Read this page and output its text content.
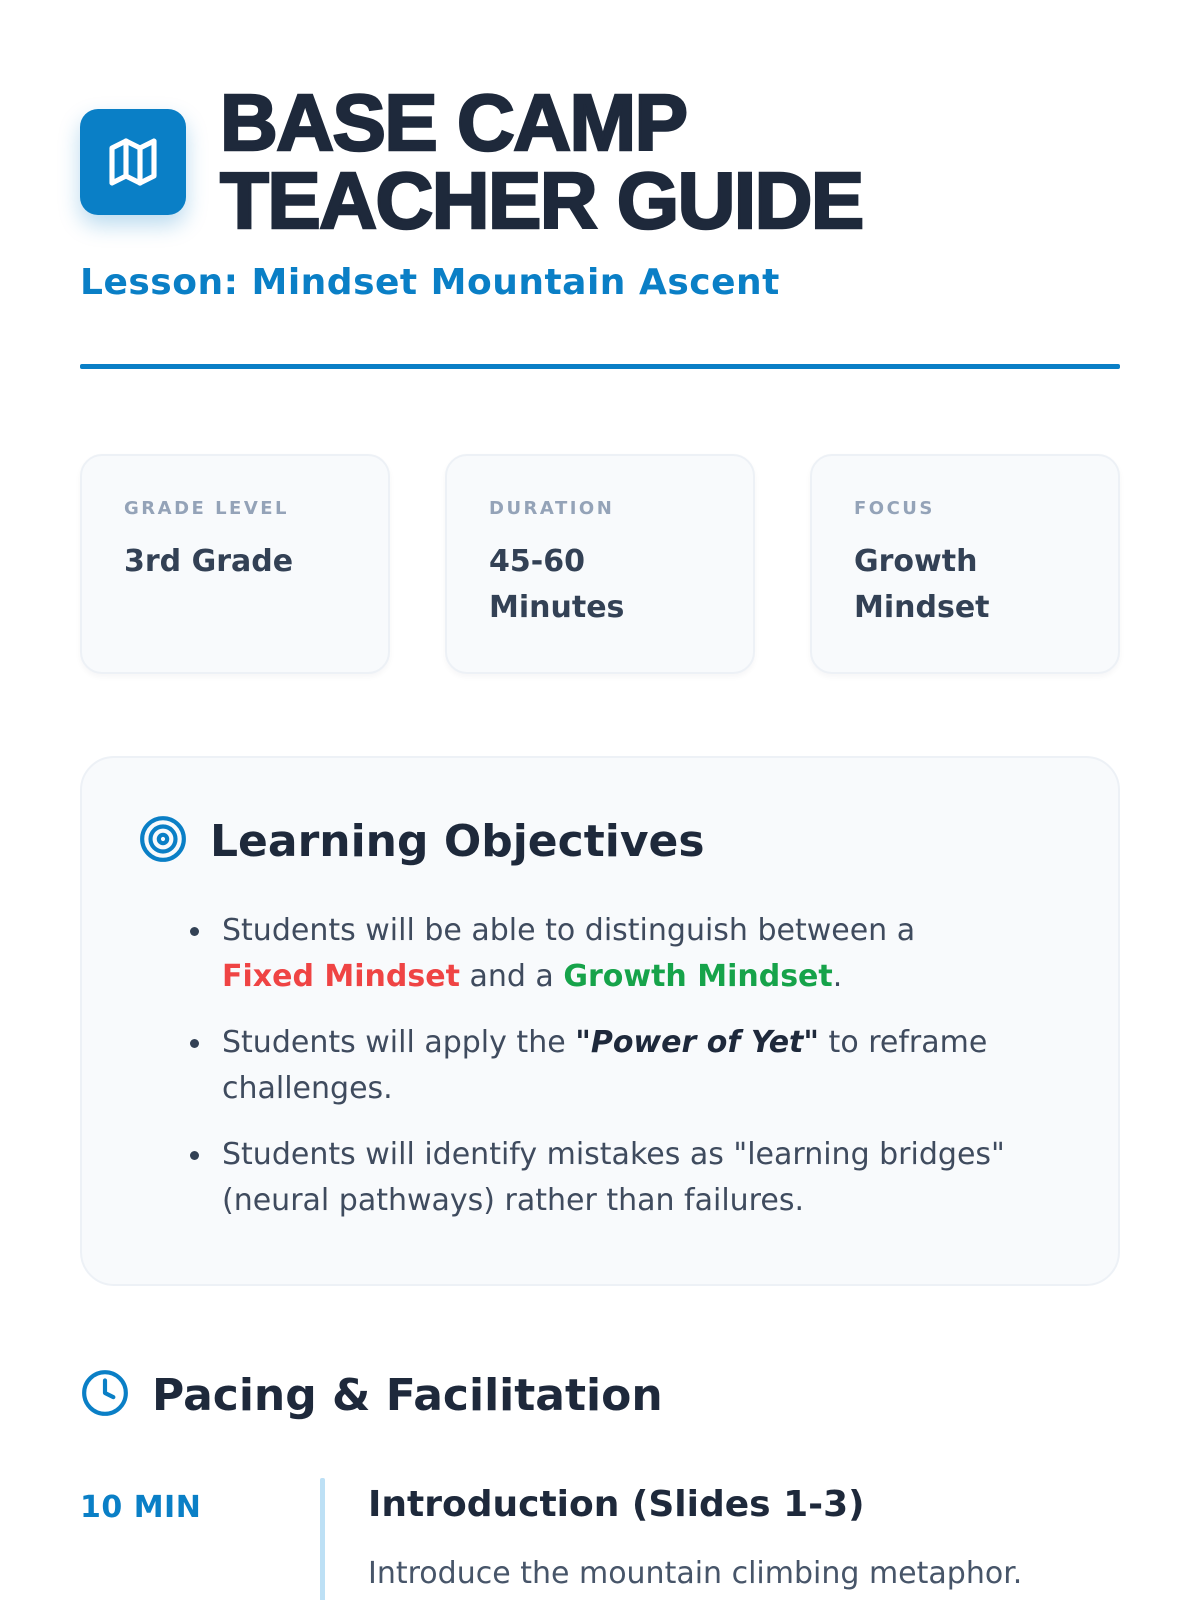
BASE CAMP
TEACHER GUIDE
Lesson: Mindset Mountain Ascent
GRADE LEVEL
3rd Grade
DURATION
45-60
Minutes
FOCUS
Growth
Mindset
Learning Objectives
Students will be able to distinguish between a Fixed Mindset and a Growth Mindset.
Students will apply the "Power of Yet" to reframe challenges.
Students will identify mistakes as "learning bridges" (neural pathways) rather than failures.
Pacing & Facilitation
10 MIN	Introduction (Slides 1-3)
Introduce the mountain climbing metaphor.
